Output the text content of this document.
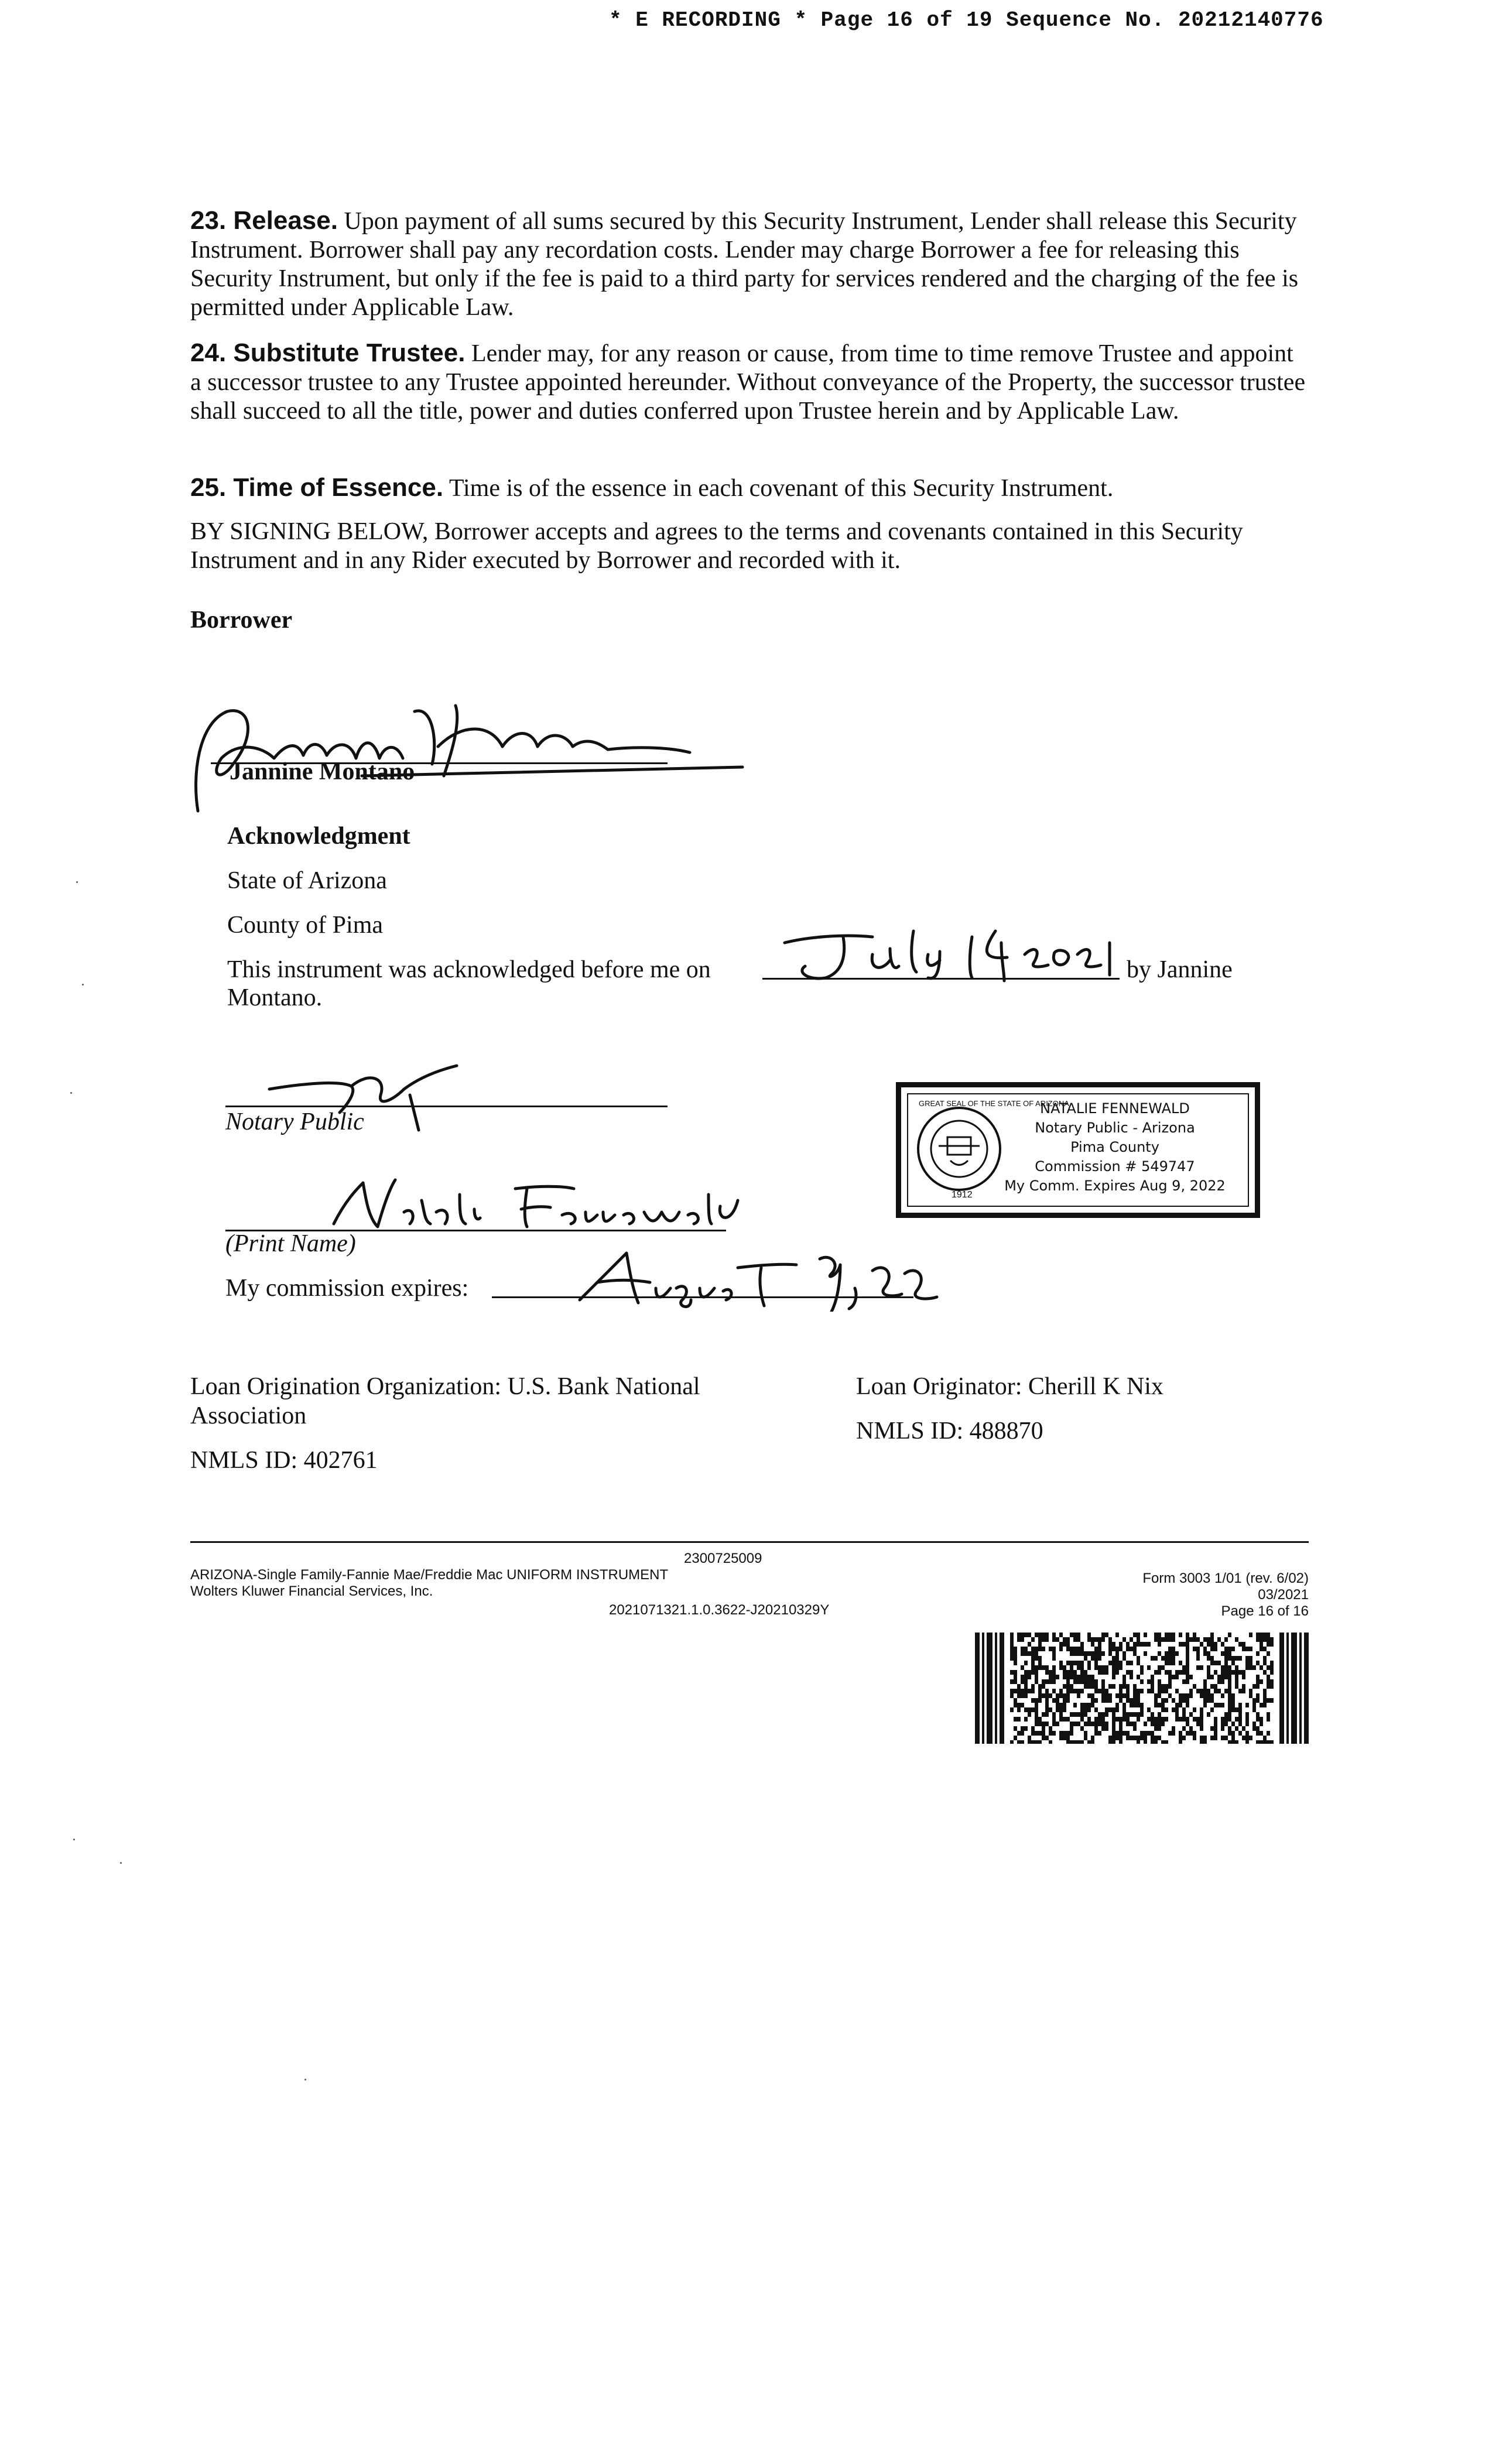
* E RECORDING * Page 16 of 19 Sequence No. 20212140776
23. Release. Upon payment of all sums secured by this Security Instrument, Lender shall release this Security Instrument. Borrower shall pay any recordation costs. Lender may charge Borrower a fee for releasing this Security Instrument, but only if the fee is paid to a third party for services rendered and the charging of the fee is permitted under Applicable Law.
24. Substitute Trustee. Lender may, for any reason or cause, from time to time remove Trustee and appoint a successor trustee to any Trustee appointed hereunder. Without conveyance of the Property, the successor trustee shall succeed to all the title, power and duties conferred upon Trustee herein and by Applicable Law.
25. Time of Essence. Time is of the essence in each covenant of this Security Instrument.
BY SIGNING BELOW, Borrower accepts and agrees to the terms and covenants contained in this Security Instrument and in any Rider executed by Borrower and recorded with it.
Borrower
Jannine Montano
Acknowledgment
State of Arizona
County of Pima
This instrument was acknowledged before me on	by Jannine
Montano.
Notary Public
(Print Name)
My commission expires:
1912
GREAT SEAL OF THE STATE OF ARIZONA
NATALIE FENNEWALD
Notary Public - Arizona
Pima County
Commission # 549747
My Comm. Expires Aug 9, 2022
Loan Origination Organization: U.S. Bank National
Association
NMLS ID: 402761
Loan Originator: Cherill K Nix
NMLS ID: 488870
2300725009
ARIZONA-Single Family-Fannie Mae/Freddie Mac UNIFORM INSTRUMENT
Wolters Kluwer Financial Services, Inc.
2021071321.1.0.3622-J20210329Y
Form 3003 1/01 (rev. 6/02)
03/2021
Page 16 of 16
